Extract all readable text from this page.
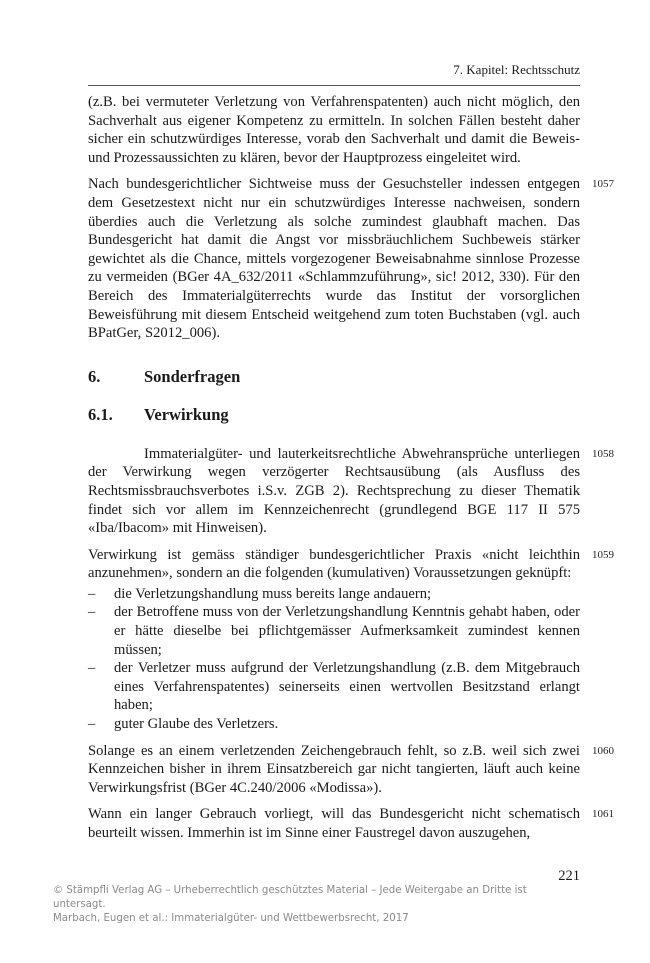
7. Kapitel: Rechtsschutz

(z.B. bei vermuteter Verletzung von Verfahrenspatenten) auch nicht möglich, den Sachverhalt aus eigener Kompetenz zu ermitteln. In solchen Fällen besteht daher sicher ein schutzwürdiges Interesse, vorab den Sachverhalt und damit die Beweis- und Prozessaussichten zu klären, bevor der Hauptprozess eingeleitet wird.

Nach bundesgerichtlicher Sichtweise muss der Gesuchsteller indessen entgegen dem Gesetzestext nicht nur ein schutzwürdiges Interesse nachweisen, sondern überdies auch die Verletzung als solche zumindest glaubhaft machen. Das Bundesgericht hat damit die Angst vor missbräuchlichem Suchbeweis stärker gewichtet als die Chance, mittels vorgezogener Beweisabnahme sinnlose Prozesse zu vermeiden (BGer 4A_632/2011 «Schlammzuführung», sic! 2012, 330). Für den Bereich des Immaterialgüterrechts wurde das Institut der vorsorglichen Beweisführung mit diesem Entscheid weitgehend zum toten Buchstaben (vgl. auch BPatGer, S2012_006).
1057

6.	Sonderfragen
6.1. Verwirkung

Immaterialgüter- und lauterkeitsrechtliche Abwehransprüche unterliegen der Verwirkung wegen verzögerter Rechtsausübung (als Ausfluss des Rechtsmissbrauchsverbotes i.S.v. ZGB 2). Rechtsprechung zu dieser Thematik findet sich vor allem im Kennzeichenrecht (grundlegend BGE 117 II 575 «Iba/Ibacom» mit Hinweisen).
1058

Verwirkung ist gemäss ständiger bundesgerichtlicher Praxis «nicht leichthin anzunehmen», sondern an die folgenden (kumulativen) Voraussetzungen geknüpft:
1059

– die Verletzungshandlung muss bereits lange andauern;
– der Betroffene muss von der Verletzungshandlung Kenntnis gehabt haben, oder er hätte dieselbe bei pflichtgemässer Aufmerksamkeit zumindest kennen müssen;
– der Verletzer muss aufgrund der Verletzungshandlung (z.B. dem Mitgebrauch eines Verfahrenspatentes) seinerseits einen wertvollen Besitzstand erlangt haben;
– guter Glaube des Verletzers.

Solange es an einem verletzenden Zeichengebrauch fehlt, so z.B. weil sich zwei Kennzeichen bisher in ihrem Einsatzbereich gar nicht tangierten, läuft auch keine Verwirkungsfrist (BGer 4C.240/2006 «Modissa»).
1060

Wann ein langer Gebrauch vorliegt, will das Bundesgericht nicht schematisch beurteilt wissen. Immerhin ist im Sinne einer Faustregel davon auszugehen,
1061

221
© Stämpfli Verlag AG – Urheberrechtlich geschütztes Material – Jede Weitergabe an Dritte ist untersagt.
Marbach, Eugen et al.: Immaterialgüter- und Wettbewerbsrecht, 2017
